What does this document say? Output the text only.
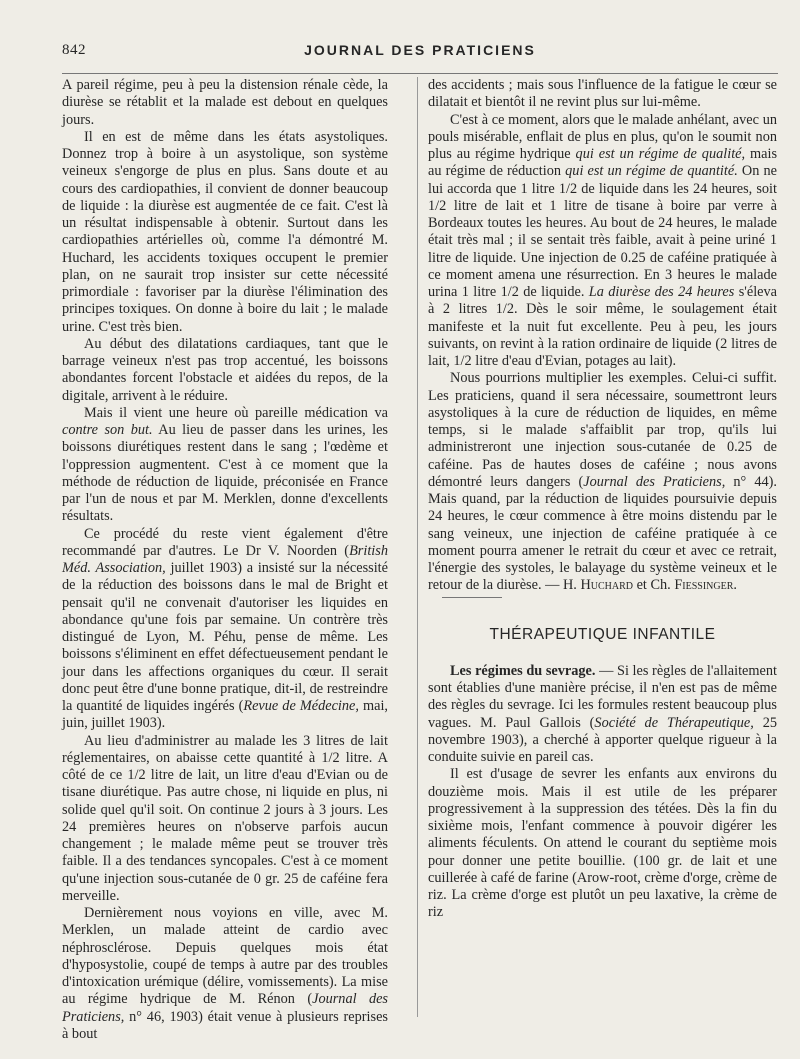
842	JOURNAL DES PRATICIENS

A pareil régime, peu à peu la distension rénale cède, la diurèse se rétablit et la malade est debout en quelques jours.

Il en est de même dans les états asystoliques. Donnez trop à boire à un asystolique, son système veineux s'engorge de plus en plus. Sans doute et au cours des cardiopathies, il convient de donner beaucoup de liquide : la diurèse est augmentée de ce fait. C'est là un résultat indispensable à obtenir. Surtout dans les cardiopathies artérielles où, comme l'a démontré M. Huchard, les accidents toxiques occupent le premier plan, on ne saurait trop insister sur cette nécessité primordiale : favoriser par la diurèse l'élimination des principes toxiques. On donne à boire du lait ; le malade urine. C'est très bien.

Au début des dilatations cardiaques, tant que le barrage veineux n'est pas trop accentué, les boissons abondantes forcent l'obstacle et aidées du repos, de la digitale, arrivent à le réduire.

Mais il vient une heure où pareille médication va contre son but. Au lieu de passer dans les urines, les boissons diurétiques restent dans le sang ; l'œdème et l'oppression augmentent. C'est à ce moment que la méthode de réduction de liquide, préconisée en France par l'un de nous et par M. Merklen, donne d'excellents résultats.

Ce procédé du reste vient également d'être recommandé par d'autres. Le Dr V. Noorden (British Méd. Association, juillet 1903) a insisté sur la nécessité de la réduction des boissons dans le mal de Bright et pensait qu'il ne convenait d'autoriser les liquides en abondance qu'une fois par semaine. Un contrère très distingué de Lyon, M. Péhu, pense de même. Les boissons s'éliminent en effet défectueusement pendant le jour dans les affections organiques du cœur. Il serait donc peut être d'une bonne pratique, dit-il, de restreindre la quantité de liquides ingérés (Revue de Médecine, mai, juin, juillet 1903).

Au lieu d'administrer au malade les 3 litres de lait réglementaires, on abaisse cette quantité à 1/2 litre. A côté de ce 1/2 litre de lait, un litre d'eau d'Evian ou de tisane diurétique. Pas autre chose, ni liquide en plus, ni solide quel qu'il soit. On continue 2 jours à 3 jours. Les 24 premières heures on n'observe parfois aucun changement ; le malade même peut se trouver très faible. Il a des tendances syncopales. C'est à ce moment qu'une injection sous-cutanée de 0 gr. 25 de caféine fera merveille.

Dernièrement nous voyions en ville, avec M. Merklen, un malade atteint de cardio avec néphrosclérose. Depuis quelques mois état d'hyposystolie, coupé de temps à autre par des troubles d'intoxication urémique (délire, vomissements). La mise au régime hydrique de M. Rénon (Journal des Praticiens, n° 46, 1903) était venue à plusieurs reprises à bout

des accidents ; mais sous l'influence de la fatigue le cœur se dilatait et bientôt il ne revint plus sur lui-même.

C'est à ce moment, alors que le malade anhélant, avec un pouls misérable, enflait de plus en plus, qu'on le soumit non plus au régime hydrique qui est un régime de qualité, mais au régime de réduction qui est un régime de quantité. On ne lui accorda que 1 litre 1/2 de liquide dans les 24 heures, soit 1/2 litre de lait et 1 litre de tisane à boire par verre à Bordeaux toutes les heures. Au bout de 24 heures, le malade était très mal ; il se sentait très faible, avait à peine uriné 1 litre de liquide. Une injection de 0.25 de caféine pratiquée à ce moment amena une résurrection. En 3 heures le malade urina 1 litre 1/2 de liquide. La diurèse des 24 heures s'éleva à 2 litres 1/2. Dès le soir même, le soulagement était manifeste et la nuit fut excellente. Peu à peu, les jours suivants, on revint à la ration ordinaire de liquide (2 litres de lait, 1/2 litre d'eau d'Evian, potages au lait).

Nous pourrions multiplier les exemples. Celui-ci suffit. Les praticiens, quand il sera nécessaire, soumettront leurs asystoliques à la cure de réduction de liquides, en même temps, si le malade s'affaiblit par trop, qu'ils lui administreront une injection sous-cutanée de 0.25 de caféine. Pas de hautes doses de caféine ; nous avons démontré leurs dangers (Journal des Praticiens, n° 44). Mais quand, par la réduction de liquides poursuivie depuis 24 heures, le cœur commence à être moins distendu par le sang veineux, une injection de caféine pratiquée à ce moment pourra amener le retrait du cœur et avec ce retrait, l'énergie des systoles, le balayage du système veineux et le retour de la diurèse. — H. Huchard et Ch. Fiessinger.

THÉRAPEUTIQUE INFANTILE

Les régimes du sevrage. — Si les règles de l'allaitement sont établies d'une manière précise, il n'en est pas de même des règles du sevrage. Ici les formules restent beaucoup plus vagues. M. Paul Gallois (Société de Thérapeutique, 25 novembre 1903), a cherché à apporter quelque rigueur à la conduite suivie en pareil cas.

Il est d'usage de sevrer les enfants aux environs du douzième mois. Mais il est utile de les préparer progressivement à la suppression des tétées. Dès la fin du sixième mois, l'enfant commence à pouvoir digérer les aliments féculents. On attend le courant du septième mois pour donner une petite bouillie. (100 gr. de lait et une cuillerée à café de farine (Arow-root, crème d'orge, crème de riz. La crème d'orge est plutôt un peu laxative, la crème de riz
